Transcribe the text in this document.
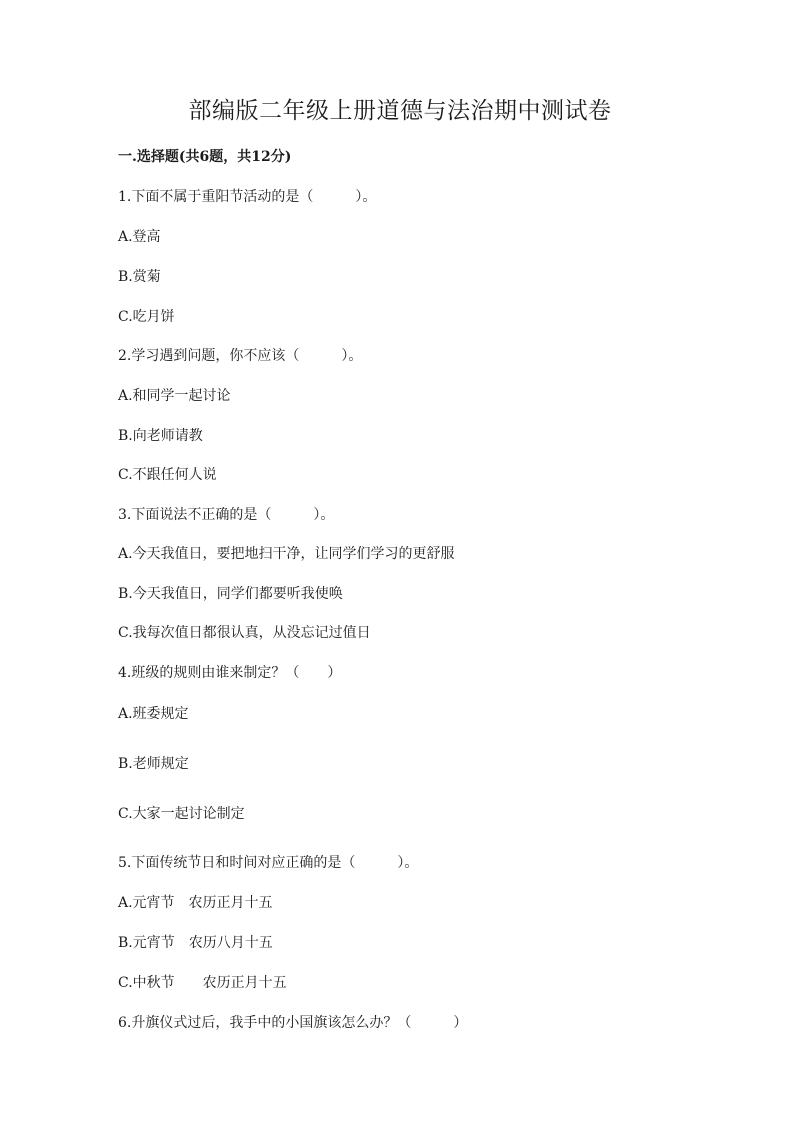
部编版二年级上册道德与法治期中测试卷

一.选择题(共6题，共12分)

1.下面不属于重阳节活动的是（　　　）。

A.登高

B.赏菊

C.吃月饼

2.学习遇到问题，你不应该（　　　）。

A.和同学一起讨论

B.向老师请教

C.不跟任何人说

3.下面说法不正确的是（　　　）。

A.今天我值日，要把地扫干净，让同学们学习的更舒服

B.今天我值日，同学们都要听我使唤

C.我每次值日都很认真，从没忘记过值日

4.班级的规则由谁来制定？（　　）

A.班委规定

B.老师规定

C.大家一起讨论制定

5.下面传统节日和时间对应正确的是（　　　）。

A.元宵节　农历正月十五

B.元宵节　农历八月十五

C.中秋节　　农历正月十五

6.升旗仪式过后，我手中的小国旗该怎么办？（　　　）
